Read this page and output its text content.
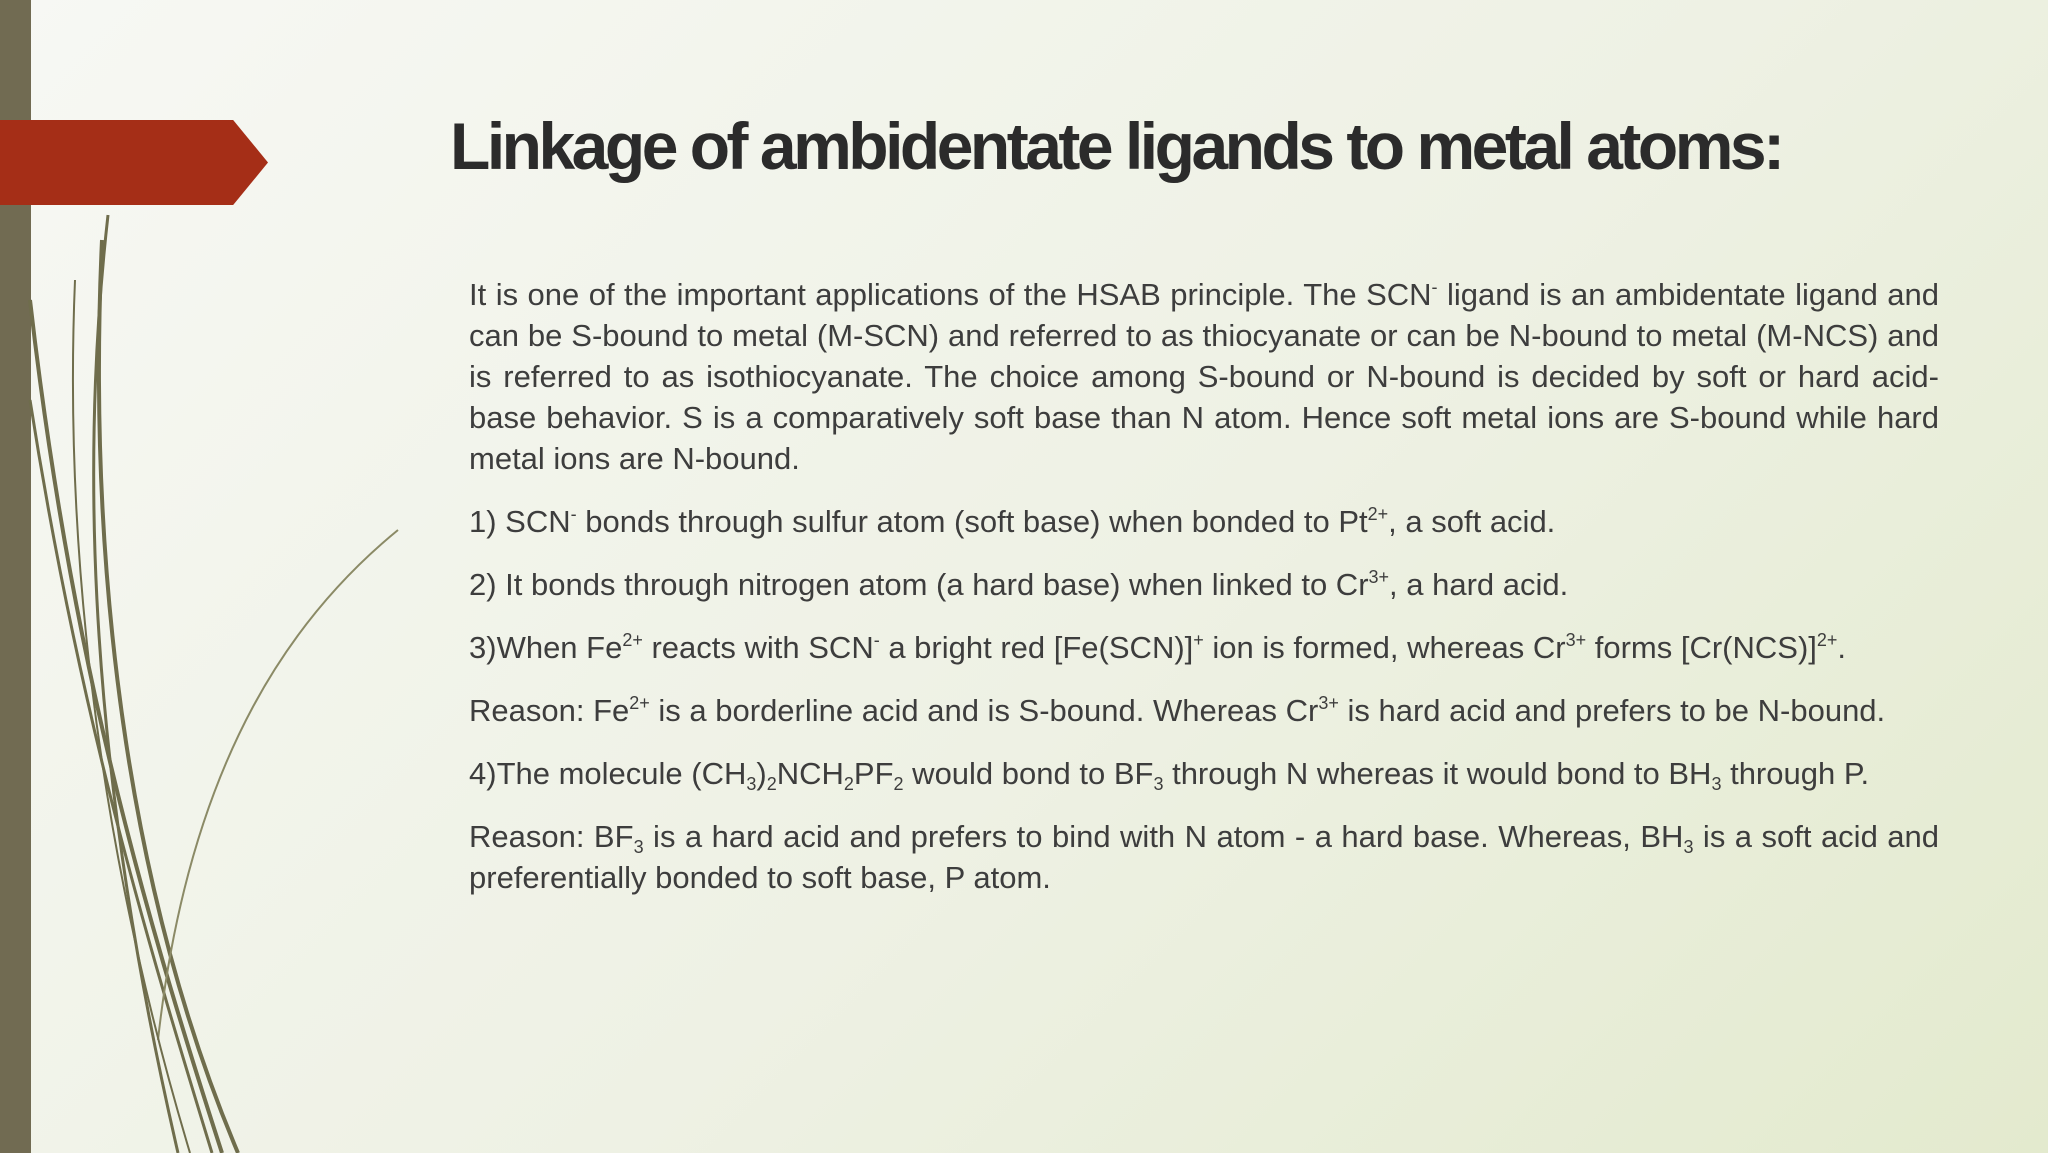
Linkage of ambidentate ligands to metal atoms:

It is one of the important applications of the HSAB principle. The SCN- ligand is an ambidentate ligand and can be S-bound to metal (M-SCN) and referred to as thiocyanate or can be N-bound to metal (M-NCS) and is referred to as isothiocyanate. The choice among S-bound or N-bound is decided by soft or hard acid-base behavior. S is a comparatively soft base than N atom. Hence soft metal ions are S-bound while hard metal ions are N-bound.

1) SCN- bonds through sulfur atom (soft base) when bonded to $Pt^{2+}$, a soft acid.

2) It bonds through nitrogen atom (a hard base) when linked to $Cr^{3+}$, a hard acid.

3)When $Fe^{2+}$ reacts with SCN- a bright red [Fe(SCN)]+ ion is formed, whereas $Cr^{3+}$ forms $[Cr(NCS)]^{2+}$.

Reason: $Fe^{2+}$ is a borderline acid and is S-bound. Whereas $Cr^{3+}$ is hard acid and prefers to be N-bound.

4)The molecule $(CH_3)_2NCH_2PF_2$ would bond to $BF_3$ through N whereas it would bond to $BH_3$ through P.

Reason: $BF_3$ is a hard acid and prefers to bind with N atom - a hard base. Whereas, $BH_3$ is a soft acid and preferentially bonded to soft base, P atom.
